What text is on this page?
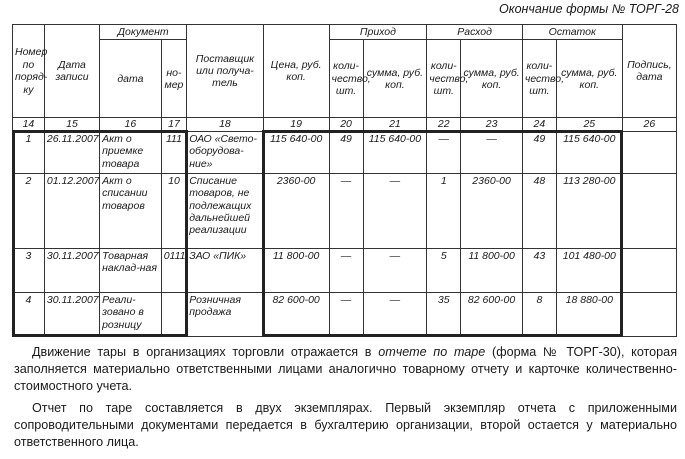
Окончание формы № ТОРГ-28
Номер по поряд-ку	Дата записи	Документ		Поставщик или получа-тель	Цена, руб. коп.	Приход		Расход		Остаток		Подпись, дата
		дата	но-мер			коли-чество, шт.	сумма, руб. коп.	коли-чество, шт.	сумма, руб. коп.	коли-чество, шт.	сумма, руб. коп.	
14	15	16	17	18	19	20	21	22	23	24	25	26
1	26.11.2007	Акт о приемке товара	111	ОАО «Свето-оборудова-ние»	115 640-00	49	115 640-00	—	—	49	115 640-00	
2	01.12.2007	Акт о списании товаров	10	Списание товаров, не подлежащих дальнейшей реализации	2360-00	—	—	1	2360-00	48	113 280-00	
3	30.11.2007	Товарная наклад-ная	0111	ЗАО «ПИК»	11 800-00	—	—	5	11 800-00	43	101 480-00	
4	30.11.2007	Реали-зовано в розницу		Розничная продажа	82 600-00	—	—	35	82 600-00	8	18 880-00	
Движение тары в организациях торговли отражается в отчете по таре (форма № ТОРГ-30), которая заполняется материально ответственными лицами аналогично товарному отчету и карточке количественно-стоимостного учета.
Отчет по таре составляется в двух экземплярах. Первый экземпляр отчета с приложенными сопроводительными документами передается в бухгалтерию организации, второй остается у материально ответственного лица.
